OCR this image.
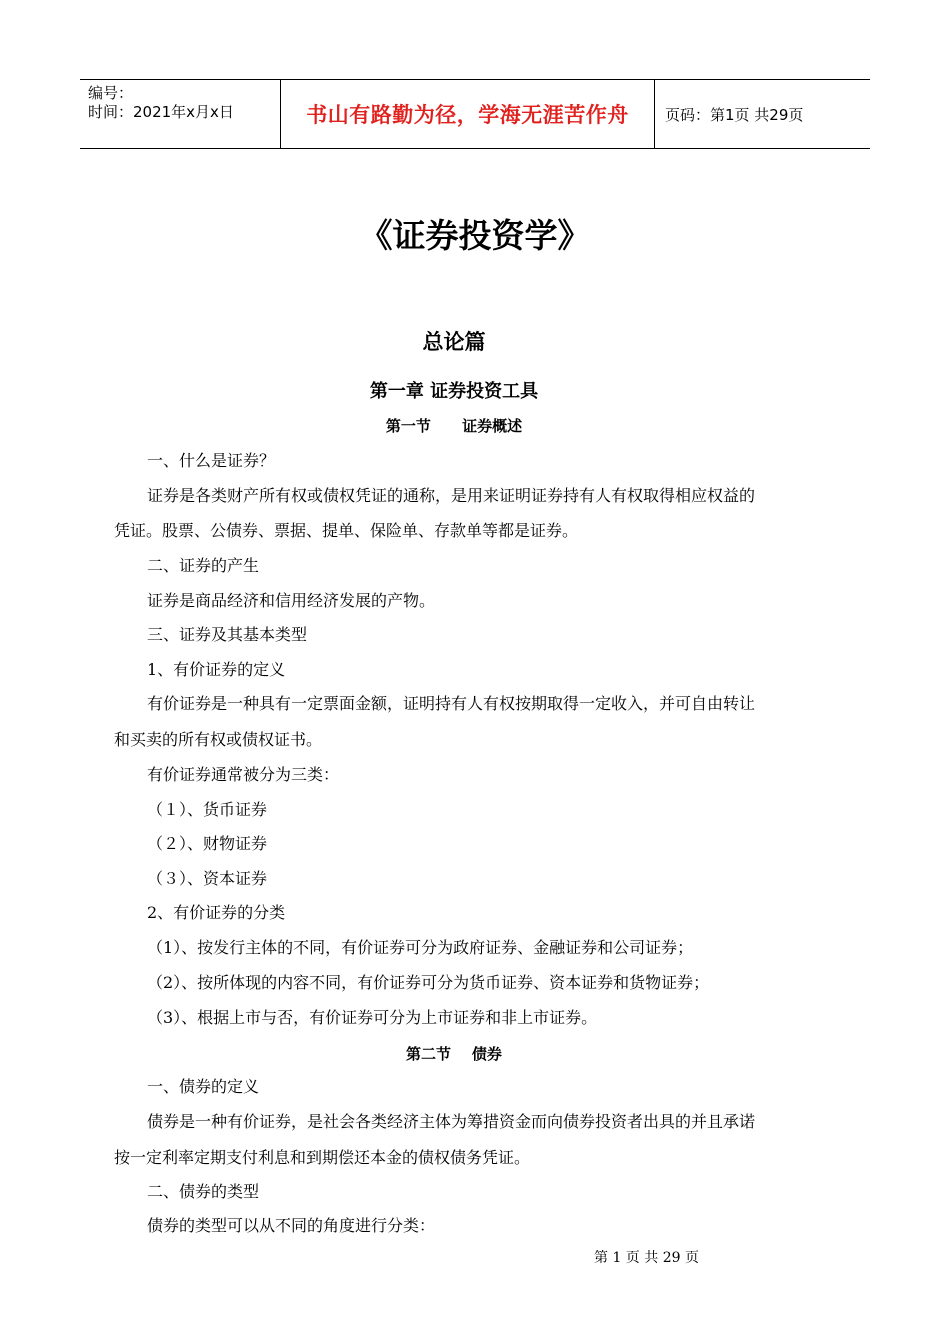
编号：
时间：2021年x月x日	书山有路勤为径，学海无涯苦作舟 页码：第1页 共29页
《证券投资学》
总论篇
第一章 证券投资工具
第一节      证券概述
一、什么是证券？
证券是各类财产所有权或债权凭证的通称，是用来证明证券持有人有权取得相应权益的
凭证。股票、公债券、票据、提单、保险单、存款单等都是证券。
二、证券的产生
证券是商品经济和信用经济发展的产物。
三、证券及其基本类型
1、有价证券的定义
有价证券是一种具有一定票面金额，证明持有人有权按期取得一定收入，并可自由转让
和买卖的所有权或债权证书。
有价证券通常被分为三类：
（１）、货币证券
（２）、财物证券
（３）、资本证券
2、有价证券的分类
（1）、按发行主体的不同，有价证券可分为政府证券、金融证券和公司证券；
（2）、按所体现的内容不同，有价证券可分为货币证券、资本证券和货物证券；
（3）、根据上市与否，有价证券可分为上市证券和非上市证券。
第二节    债券
一、债券的定义
债券是一种有价证券，是社会各类经济主体为筹措资金而向债券投资者出具的并且承诺
按一定利率定期支付利息和到期偿还本金的债权债务凭证。
二、债券的类型
债券的类型可以从不同的角度进行分类：
第 1 页 共 29 页
